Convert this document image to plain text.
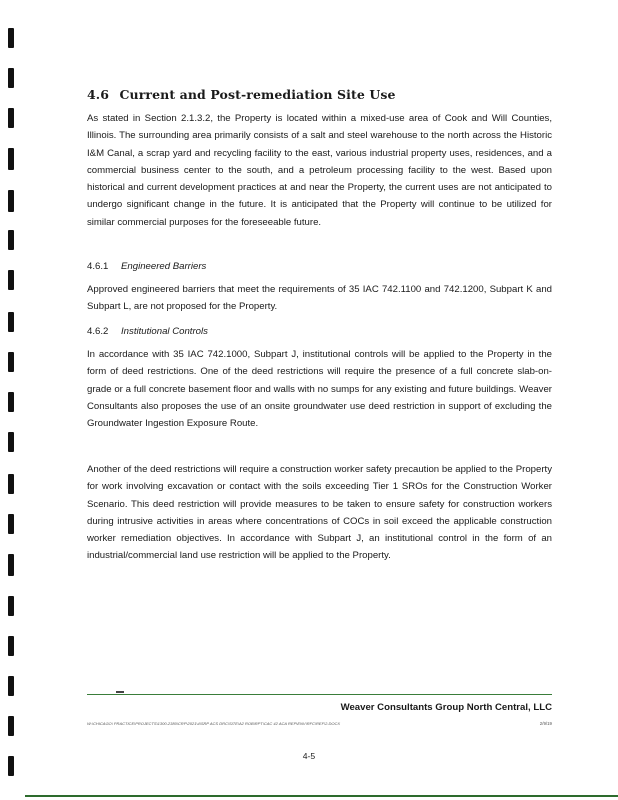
4.6 Current and Post-remediation Site Use

As stated in Section 2.1.3.2, the Property is located within a mixed-use area of Cook and Will Counties, Illinois. The surrounding area primarily consists of a salt and steel warehouse to the north across the Historic I&M Canal, a scrap yard and recycling facility to the east, various industrial property uses, residences, and a commercial business center to the south, and a petroleum processing facility to the west. Based upon historical and current development practices at and near the Property, the current uses are not anticipated to undergo significant change in the future. It is anticipated that the Property will continue to be utilized for similar commercial purposes for the foreseeable future.

4.6.1 Engineered Barriers

Approved engineered barriers that meet the requirements of 35 IAC 742.1100 and 742.1200, Subpart K and Subpart L, are not proposed for the Property.

4.6.2 Institutional Controls

In accordance with 35 IAC 742.1000, Subpart J, institutional controls will be applied to the Property in the form of deed restrictions. One of the deed restrictions will require the presence of a full concrete slab-on-grade or a full concrete basement floor and walls with no sumps for any existing and future buildings. Weaver Consultants also proposes the use of an onsite groundwater use deed restriction in support of excluding the Groundwater Ingestion Exposure Route.

Another of the deed restrictions will require a construction worker safety precaution be applied to the Property for work involving excavation or contact with the soils exceeding Tier 1 SROs for the Construction Worker Scenario. This deed restriction will provide measures to be taken to ensure safety for construction workers during intrusive activities in areas where concentrations of COCs in soil exceed the applicable construction worker remediation objectives. In accordance with Subpart J, an institutional control in the form of an industrial/commercial land use restriction will be applied to the Property.

Weaver Consultants Group North Central, LLC
W:\CHICAGO\ PRACTICE\PROJECTS\1300-2380\CRP\2021\4\SRP ACS DRC\SITE\A2 ROB\RPT\CAC 42 ACA REP\ENV\RFC\REF\2.DOCX	2/9/19
4-5
